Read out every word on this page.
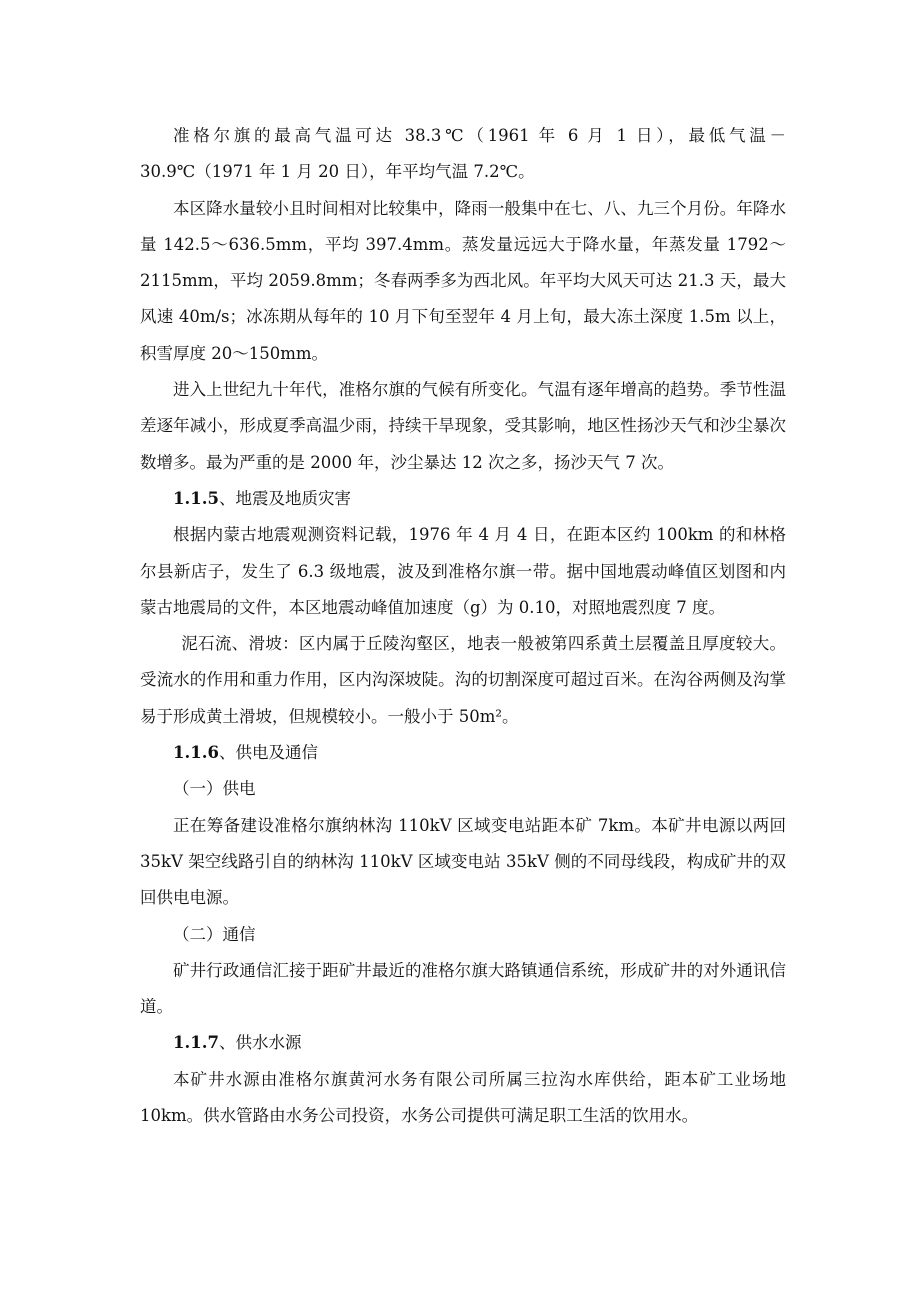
准格尔旗的最高气温可达 38.3℃（1961 年 6 月 1 日），最低气温－30.9℃（1971 年 1 月 20 日），年平均气温 7.2℃。

本区降水量较小且时间相对比较集中，降雨一般集中在七、八、九三个月份。年降水量 142.5～636.5mm，平均 397.4mm。蒸发量远远大于降水量，年蒸发量 1792～2115mm，平均 2059.8mm；冬春两季多为西北风。年平均大风天可达 21.3 天，最大风速 40m/s；冰冻期从每年的 10 月下旬至翌年 4 月上旬，最大冻土深度 1.5m 以上，积雪厚度 20～150mm。

进入上世纪九十年代，准格尔旗的气候有所变化。气温有逐年增高的趋势。季节性温差逐年减小，形成夏季高温少雨，持续干旱现象，受其影响，地区性扬沙天气和沙尘暴次数增多。最为严重的是 2000 年，沙尘暴达 12 次之多，扬沙天气 7 次。

1.1.5、地震及地质灾害

根据内蒙古地震观测资料记载，1976 年 4 月 4 日，在距本区约 100km 的和林格尔县新店子，发生了 6.3 级地震，波及到准格尔旗一带。据中国地震动峰值区划图和内蒙古地震局的文件，本区地震动峰值加速度（g）为 0.10，对照地震烈度 7 度。

泥石流、滑坡：区内属于丘陵沟壑区，地表一般被第四系黄土层覆盖且厚度较大。受流水的作用和重力作用，区内沟深坡陡。沟的切割深度可超过百米。在沟谷两侧及沟掌易于形成黄土滑坡，但规模较小。一般小于 50m²。

1.1.6、供电及通信

（一）供电

正在筹备建设准格尔旗纳林沟 110kV 区域变电站距本矿 7km。本矿井电源以两回 35kV 架空线路引自的纳林沟 110kV 区域变电站 35kV 侧的不同母线段，构成矿井的双回供电电源。

（二）通信

矿井行政通信汇接于距矿井最近的准格尔旗大路镇通信系统，形成矿井的对外通讯信道。

1.1.7、供水水源

本矿井水源由准格尔旗黄河水务有限公司所属三拉沟水库供给，距本矿工业场地 10km。供水管路由水务公司投资，水务公司提供可满足职工生活的饮用水。
